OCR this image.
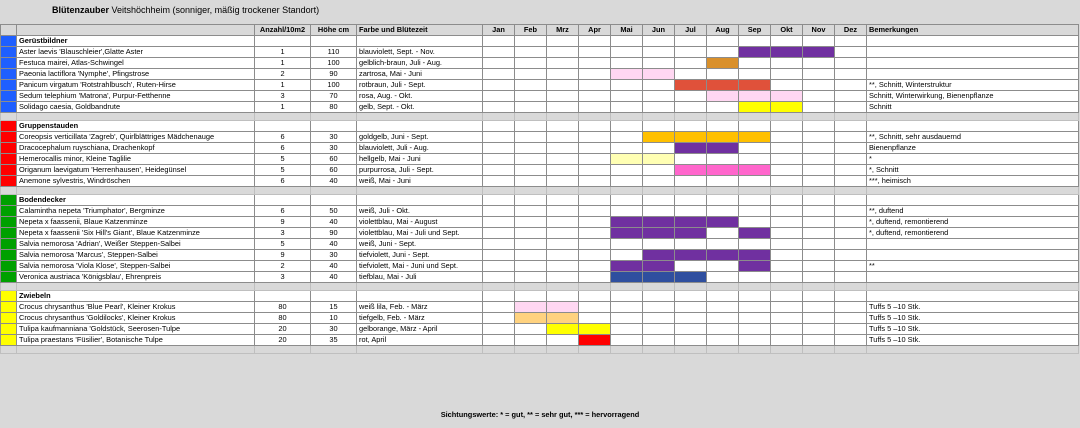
Blütenzauber Veitshöchheim (sonniger, mäßig trockener Standort)
		Anzahl/10m2	Höhe cm	Farbe und Blütezeit	Jan	Feb	Mrz	Apr	Mai	Jun	Jul	Aug	Sep	Okt	Nov	Dez	Bemerkungen
	Gerüstbildner																
	Aster laevis 'Blauschleier',Glatte Aster	1	110	blauviolett, Sept. - Nov.													
	Festuca mairei, Atlas-Schwingel	1	100	gelblich-braun, Juli - Aug.													
	Paeonia lactiflora 'Nymphe', Pfingstrose	2	90	zartrosa, Mai - Juni													
	Panicum virgatum 'Rotstrahlbusch', Ruten-Hirse	1	100	rotbraun, Juli - Sept.													**, Schnitt, Winterstruktur
	Sedum telephium 'Matrona', Purpur-Fetthenne	3	70	rosa, Aug. - Okt.													Schnitt, Winterwirkung, Bienenpflanze
	Solidago caesia, Goldbandrute	1	80	gelb, Sept. - Okt.													Schnitt

	Gruppenstauden																
	Coreopsis verticillata 'Zagreb', Quirlblättriges Mädchenauge	6	30	goldgelb, Juni - Sept.													**, Schnitt, sehr ausdauernd
	Dracocephalum ruyschiana, Drachenkopf	6	30	blauviolett, Juli - Aug.													Bienenpflanze
	Hemerocallis minor, Kleine Taglilie	5	60	hellgelb, Mai - Juni													*
	Origanum laevigatum 'Herrenhausen', Heidegünsel	5	60	purpurrosa, Juli - Sept.													*, Schnitt
	Anemone sylvestris, Windröschen	6	40	weiß, Mai - Juni													***, heimisch

	Bodendecker																
	Calamintha nepeta 'Triumphator', Bergminze	6	50	weiß, Juli - Okt.													**, duftend
	Nepeta x faassenii, Blaue Katzenminze	9	40	violettblau, Mai - August													*, duftend, remontierend
	Nepeta x faassenii 'Six Hill's Giant', Blaue Katzenminze	3	90	violettblau, Mai - Juli und Sept.													*, duftend, remontierend
	Salvia nemorosa 'Adrian', Weißer Steppen-Salbei	5	40	weiß, Juni - Sept.													
	Salvia nemorosa 'Marcus', Steppen-Salbei	9	30	tiefviolett, Juni - Sept.													
	Salvia nemorosa 'Viola Klose', Steppen-Salbei	2	40	tiefviolett, Mai - Juni und Sept.													**
	Veronica austriaca 'Königsblau', Ehrenpreis	3	40	tiefblau, Mai - Juli													

	Zwiebeln																
	Crocus chrysanthus 'Blue Pearl', Kleiner Krokus	80	15	weiß lila, Feb. - März													Tuffs 5 –10 Stk.
	Crocus chrysanthus 'Goldilocks', Kleiner Krokus	80	10	tiefgelb, Feb. - März													Tuffs 5 –10 Stk.
	Tulipa kaufmanniana 'Goldstück, Seerosen-Tulpe	20	30	gelborange, März - April													Tuffs 5 –10 Stk.
	Tulipa praestans 'Füsilier', Botanische Tulpe	20	35	rot, April													Tuffs 5 –10 Stk.

Sichtungswerte: * = gut, ** = sehr gut, *** = hervorragend
